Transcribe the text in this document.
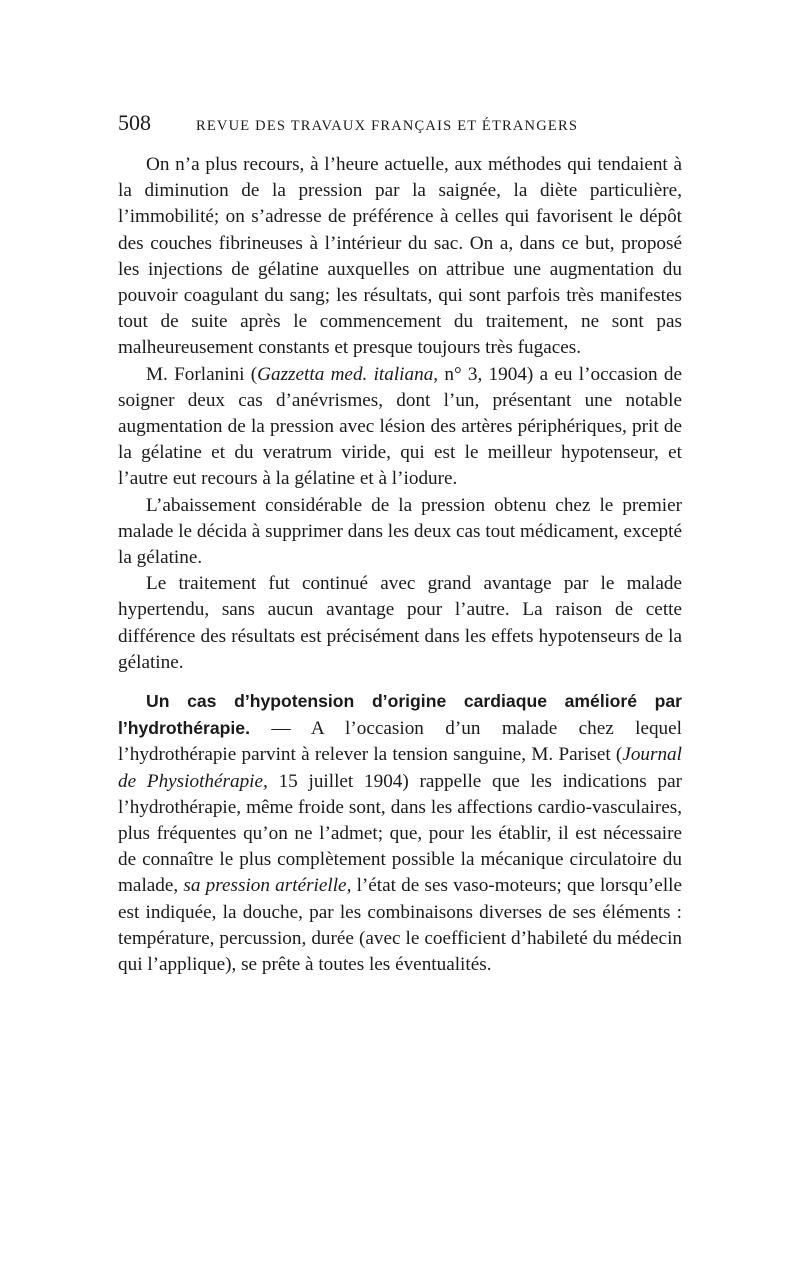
508	REVUE DES TRAVAUX FRANÇAIS ET ÉTRANGERS

On n’a plus recours, à l’heure actuelle, aux méthodes qui tendaient à la diminution de la pression par la saignée, la diète particulière, l’immobilité; on s’adresse de préférence à celles qui favorisent le dépôt des couches fibrineuses à l’intérieur du sac. On a, dans ce but, proposé les injections de gélatine auxquelles on attribue une augmentation du pouvoir coagulant du sang; les résultats, qui sont parfois très manifestes tout de suite après le commencement du traitement, ne sont pas malheureusement constants et presque toujours très fugaces.

M. Forlanini (Gazzetta med. italiana, n° 3, 1904) a eu l’occasion de soigner deux cas d’anévrismes, dont l’un, présentant une notable augmentation de la pression avec lésion des artères périphériques, prit de la gélatine et du veratrum viride, qui est le meilleur hypotenseur, et l’autre eut recours à la gélatine et à l’iodure.

L’abaissement considérable de la pression obtenu chez le premier malade le décida à supprimer dans les deux cas tout médicament, excepté la gélatine.

Le traitement fut continué avec grand avantage par le malade hypertendu, sans aucun avantage pour l’autre. La raison de cette différence des résultats est précisément dans les effets hypotenseurs de la gélatine.

Un cas d’hypotension d’origine cardiaque amélioré par l’hydrothérapie. — A l’occasion d’un malade chez lequel l’hydrothérapie parvint à relever la tension sanguine, M. Pariset (Journal de Physiothérapie, 15 juillet 1904) rappelle que les indications par l’hydrothérapie, même froide sont, dans les affections cardio-vasculaires, plus fréquentes qu’on ne l’admet; que, pour les établir, il est nécessaire de connaître le plus complètement possible la mécanique circulatoire du malade, sa pression artérielle, l’état de ses vaso-moteurs; que lorsqu’elle est indiquée, la douche, par les combinaisons diverses de ses éléments : température, percussion, durée (avec le coefficient d’habileté du médecin qui l’applique), se prête à toutes les éventualités.
